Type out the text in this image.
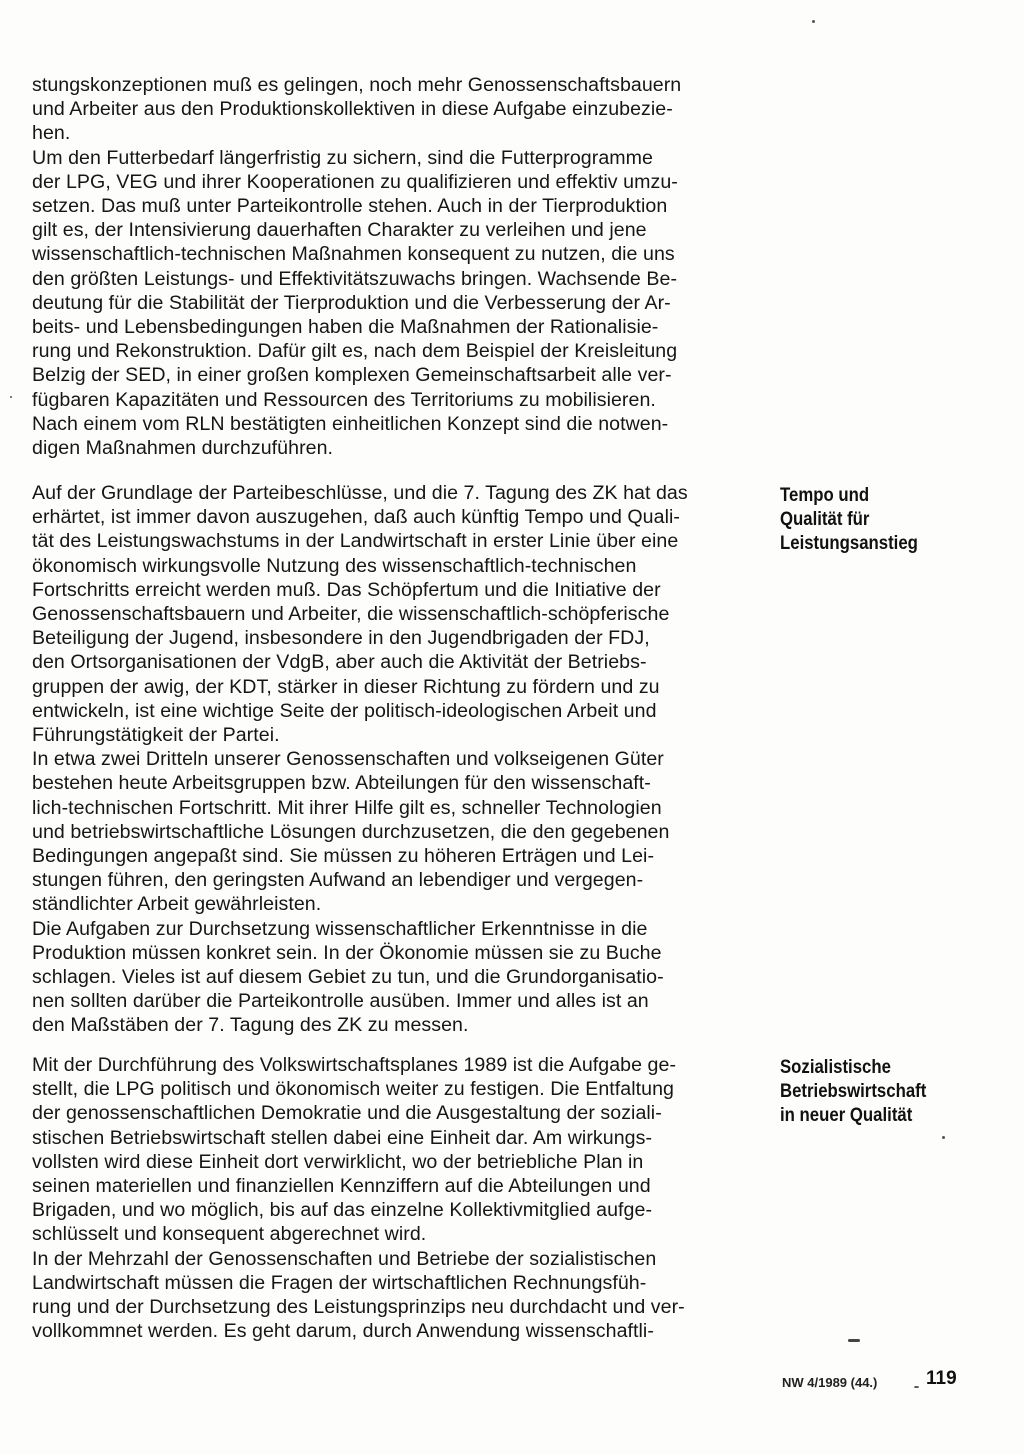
stungskonzeptionen muß es gelingen, noch mehr Genossenschaftsbauern
und Arbeiter aus den Produktionskollektiven in diese Aufgabe einzubezie-
hen.

Um den Futterbedarf längerfristig zu sichern, sind die Futterprogramme
der LPG, VEG und ihrer Kooperationen zu qualifizieren und effektiv umzu-
setzen. Das muß unter Parteikontrolle stehen. Auch in der Tierproduktion
gilt es, der Intensivierung dauerhaften Charakter zu verleihen und jene
wissenschaftlich-technischen Maßnahmen konsequent zu nutzen, die uns
den größten Leistungs- und Effektivitätszuwachs bringen. Wachsende Be-
deutung für die Stabilität der Tierproduktion und die Verbesserung der Ar-
beits- und Lebensbedingungen haben die Maßnahmen der Rationalisie-
rung und Rekonstruktion. Dafür gilt es, nach dem Beispiel der Kreisleitung
Belzig der SED, in einer großen komplexen Gemeinschaftsarbeit alle ver-
fügbaren Kapazitäten und Ressourcen des Territoriums zu mobilisieren.
Nach einem vom RLN bestätigten einheitlichen Konzept sind die notwen-
digen Maßnahmen durchzuführen.

Tempo und
Qualität für
Leistungsanstieg

Auf der Grundlage der Parteibeschlüsse, und die 7. Tagung des ZK hat das
erhärtet, ist immer davon auszugehen, daß auch künftig Tempo und Quali-
tät des Leistungswachstums in der Landwirtschaft in erster Linie über eine
ökonomisch wirkungsvolle Nutzung des wissenschaftlich-technischen
Fortschritts erreicht werden muß. Das Schöpfertum und die Initiative der
Genossenschaftsbauern und Arbeiter, die wissenschaftlich-schöpferische
Beteiligung der Jugend, insbesondere in den Jugendbrigaden der FDJ,
den Ortsorganisationen der VdgB, aber auch die Aktivität der Betriebs-
gruppen der awig, der KDT, stärker in dieser Richtung zu fördern und zu
entwickeln, ist eine wichtige Seite der politisch-ideologischen Arbeit und
Führungstätigkeit der Partei.

In etwa zwei Dritteln unserer Genossenschaften und volkseigenen Güter
bestehen heute Arbeitsgruppen bzw. Abteilungen für den wissenschaft-
lich-technischen Fortschritt. Mit ihrer Hilfe gilt es, schneller Technologien
und betriebswirtschaftliche Lösungen durchzusetzen, die den gegebenen
Bedingungen angepaßt sind. Sie müssen zu höheren Erträgen und Lei-
stungen führen, den geringsten Aufwand an lebendiger und vergegen-
ständlichter Arbeit gewährleisten.

Die Aufgaben zur Durchsetzung wissenschaftlicher Erkenntnisse in die
Produktion müssen konkret sein. In der Ökonomie müssen sie zu Buche
schlagen. Vieles ist auf diesem Gebiet zu tun, und die Grundorganisatio-
nen sollten darüber die Parteikontrolle ausüben. Immer und alles ist an
den Maßstäben der 7. Tagung des ZK zu messen.

Sozialistische
Betriebswirtschaft
in neuer Qualität

Mit der Durchführung des Volkswirtschaftsplanes 1989 ist die Aufgabe ge-
stellt, die LPG politisch und ökonomisch weiter zu festigen. Die Entfaltung
der genossenschaftlichen Demokratie und die Ausgestaltung der soziali-
stischen Betriebswirtschaft stellen dabei eine Einheit dar. Am wirkungs-
vollsten wird diese Einheit dort verwirklicht, wo der betriebliche Plan in
seinen materiellen und finanziellen Kennziffern auf die Abteilungen und
Brigaden, und wo möglich, bis auf das einzelne Kollektivmitglied aufge-
schlüsselt und konsequent abgerechnet wird.

In der Mehrzahl der Genossenschaften und Betriebe der sozialistischen
Landwirtschaft müssen die Fragen der wirtschaftlichen Rechnungsfüh-
rung und der Durchsetzung des Leistungsprinzips neu durchdacht und ver-
vollkommnet werden. Es geht darum, durch Anwendung wissenschaftli-

NW 4/1989 (44.)	119
